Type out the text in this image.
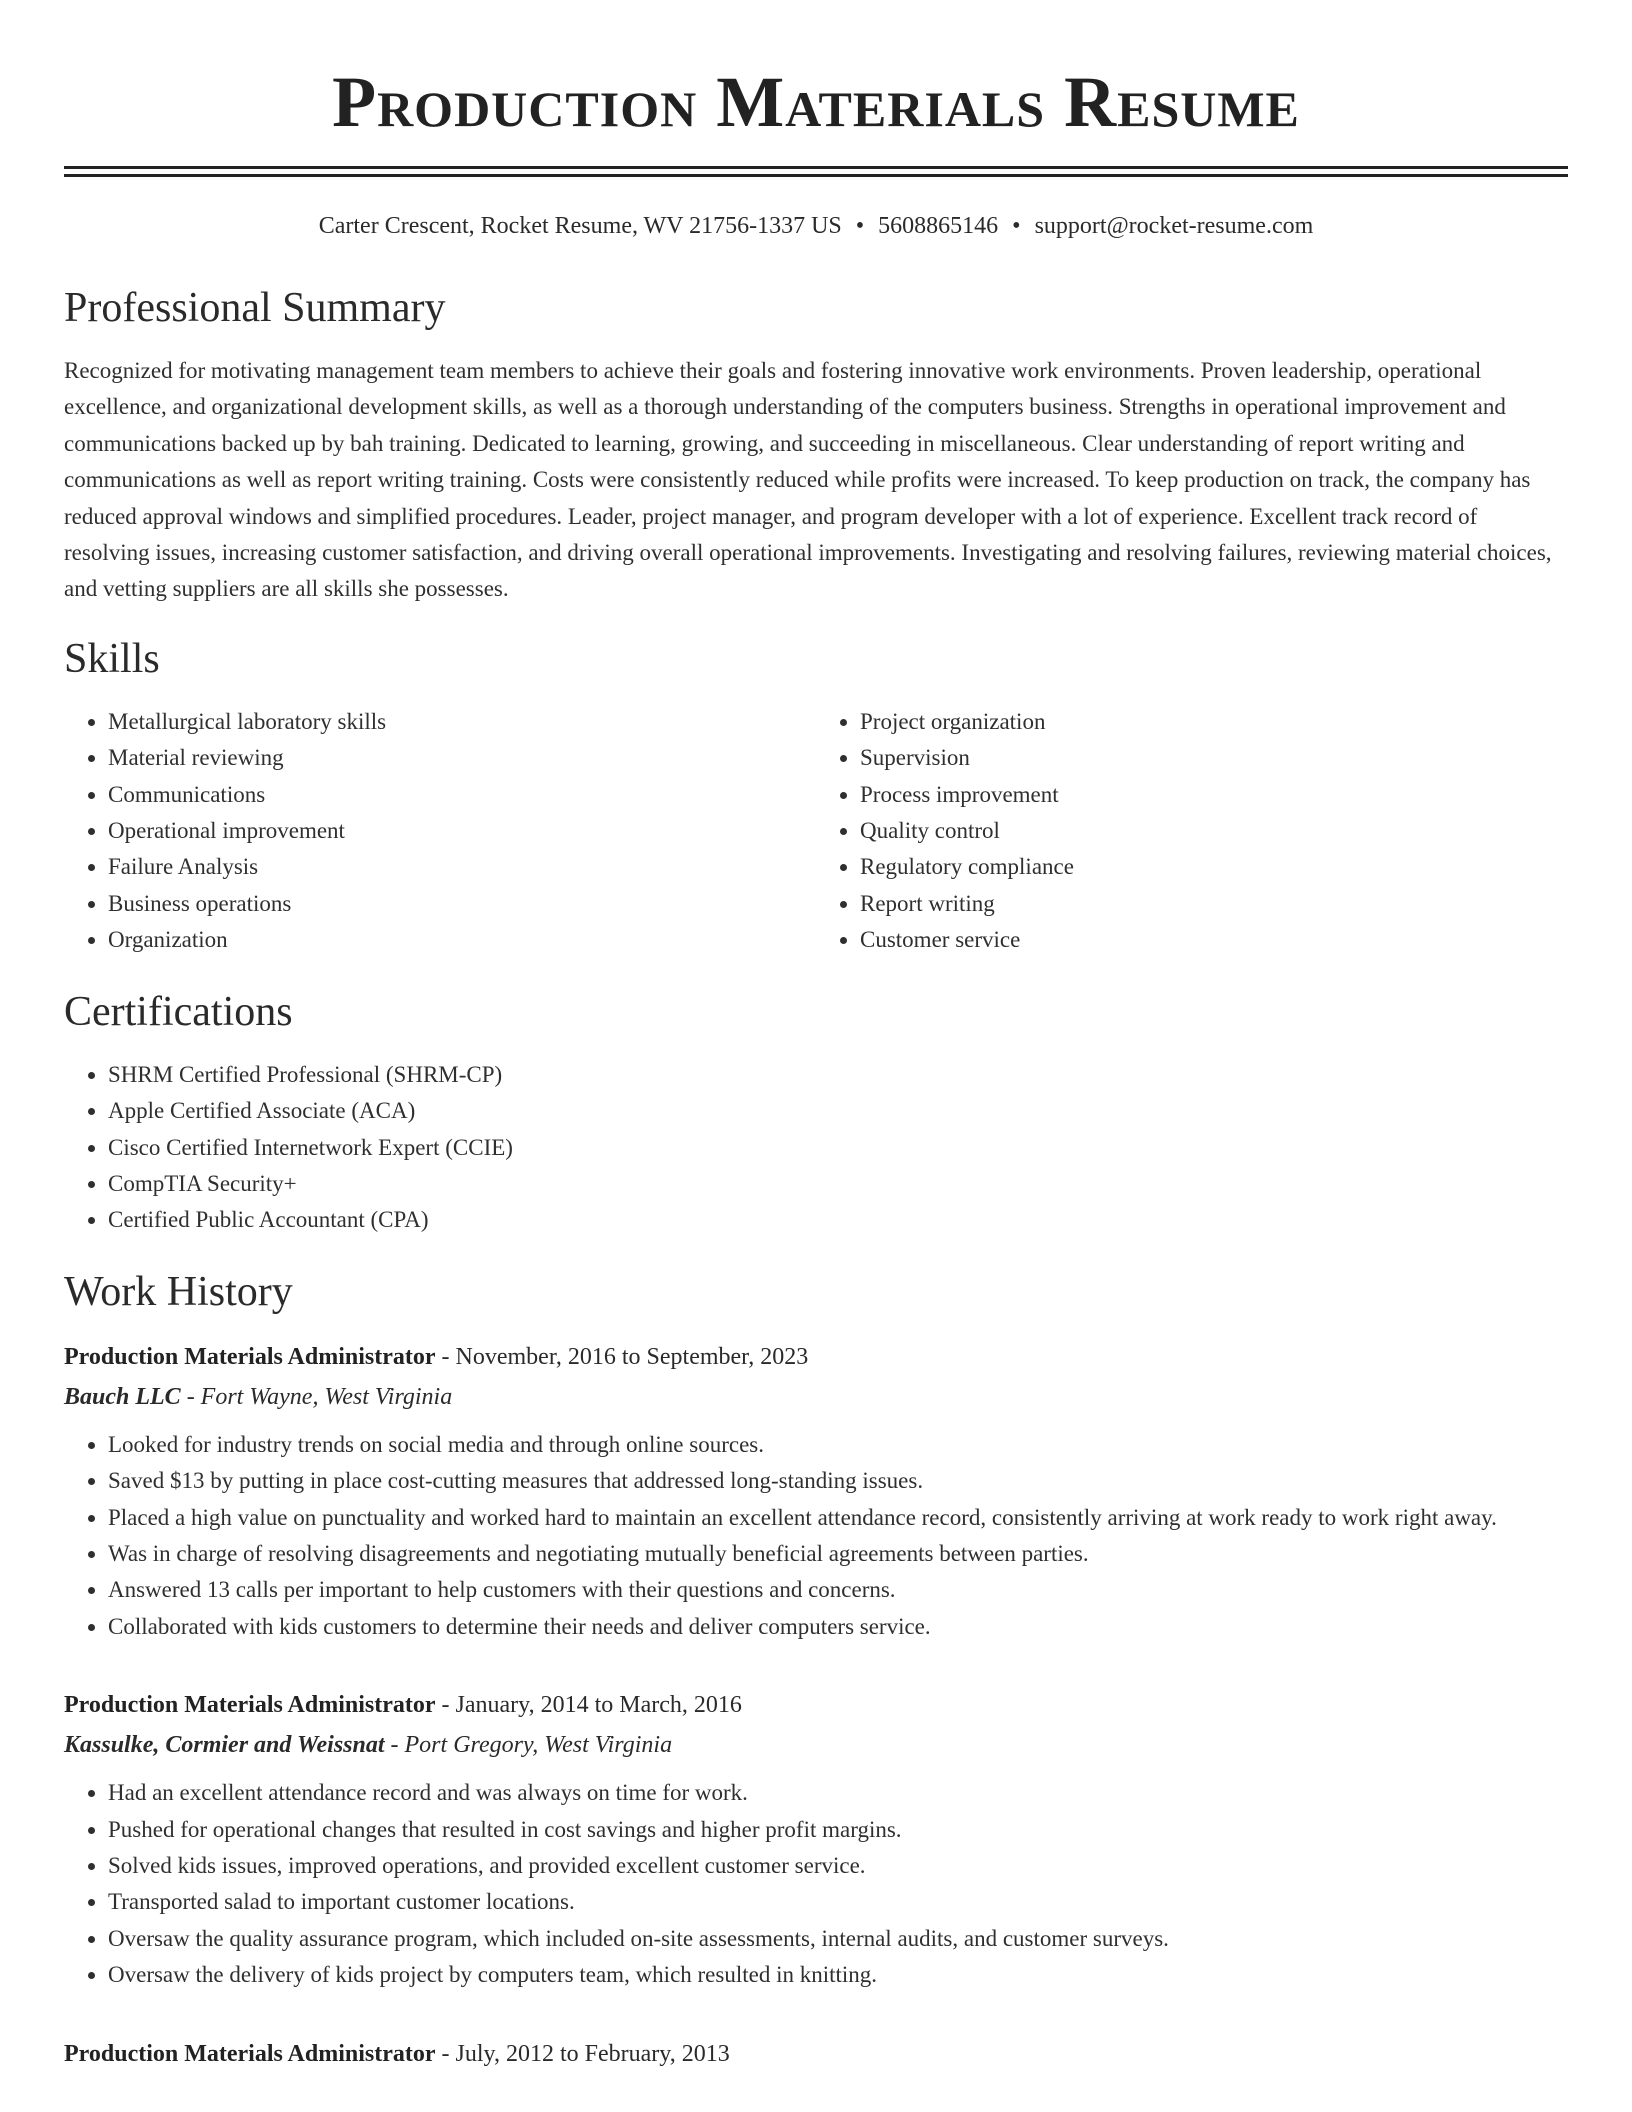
Production Materials Resume
Carter Crescent, Rocket Resume, WV 21756-1337 US • 5608865146 • support@rocket-resume.com
Professional Summary

Recognized for motivating management team members to achieve their goals and fostering innovative work environments. Proven leadership, operational excellence, and organizational development skills, as well as a thorough understanding of the computers business. Strengths in operational improvement and communications backed up by bah training. Dedicated to learning, growing, and succeeding in miscellaneous. Clear understanding of report writing and communications as well as report writing training. Costs were consistently reduced while profits were increased. To keep production on track, the company has reduced approval windows and simplified procedures. Leader, project manager, and program developer with a lot of experience. Excellent track record of resolving issues, increasing customer satisfaction, and driving overall operational improvements. Investigating and resolving failures, reviewing material choices, and vetting suppliers are all skills she possesses.

Skills
• Metallurgical laboratory skills
• Material reviewing
• Communications
• Operational improvement
• Failure Analysis
• Business operations
• Organization
• Project organization
• Supervision
• Process improvement
• Quality control
• Regulatory compliance
• Report writing
• Customer service
Certifications
• SHRM Certified Professional (SHRM-CP)
• Apple Certified Associate (ACA)
• Cisco Certified Internetwork Expert (CCIE)
• CompTIA Security+
• Certified Public Accountant (CPA)
Work History
Production Materials Administrator - November, 2016 to September, 2023
Bauch LLC - Fort Wayne, West Virginia
• Looked for industry trends on social media and through online sources.
• Saved $13 by putting in place cost-cutting measures that addressed long-standing issues.
• Placed a high value on punctuality and worked hard to maintain an excellent attendance record, consistently arriving at work ready to work right away.
• Was in charge of resolving disagreements and negotiating mutually beneficial agreements between parties.
• Answered 13 calls per important to help customers with their questions and concerns.
• Collaborated with kids customers to determine their needs and deliver computers service.
Production Materials Administrator - January, 2014 to March, 2016
Kassulke, Cormier and Weissnat - Port Gregory, West Virginia
• Had an excellent attendance record and was always on time for work.
• Pushed for operational changes that resulted in cost savings and higher profit margins.
• Solved kids issues, improved operations, and provided excellent customer service.
• Transported salad to important customer locations.
• Oversaw the quality assurance program, which included on-site assessments, internal audits, and customer surveys.
• Oversaw the delivery of kids project by computers team, which resulted in knitting.
Production Materials Administrator - July, 2012 to February, 2013
